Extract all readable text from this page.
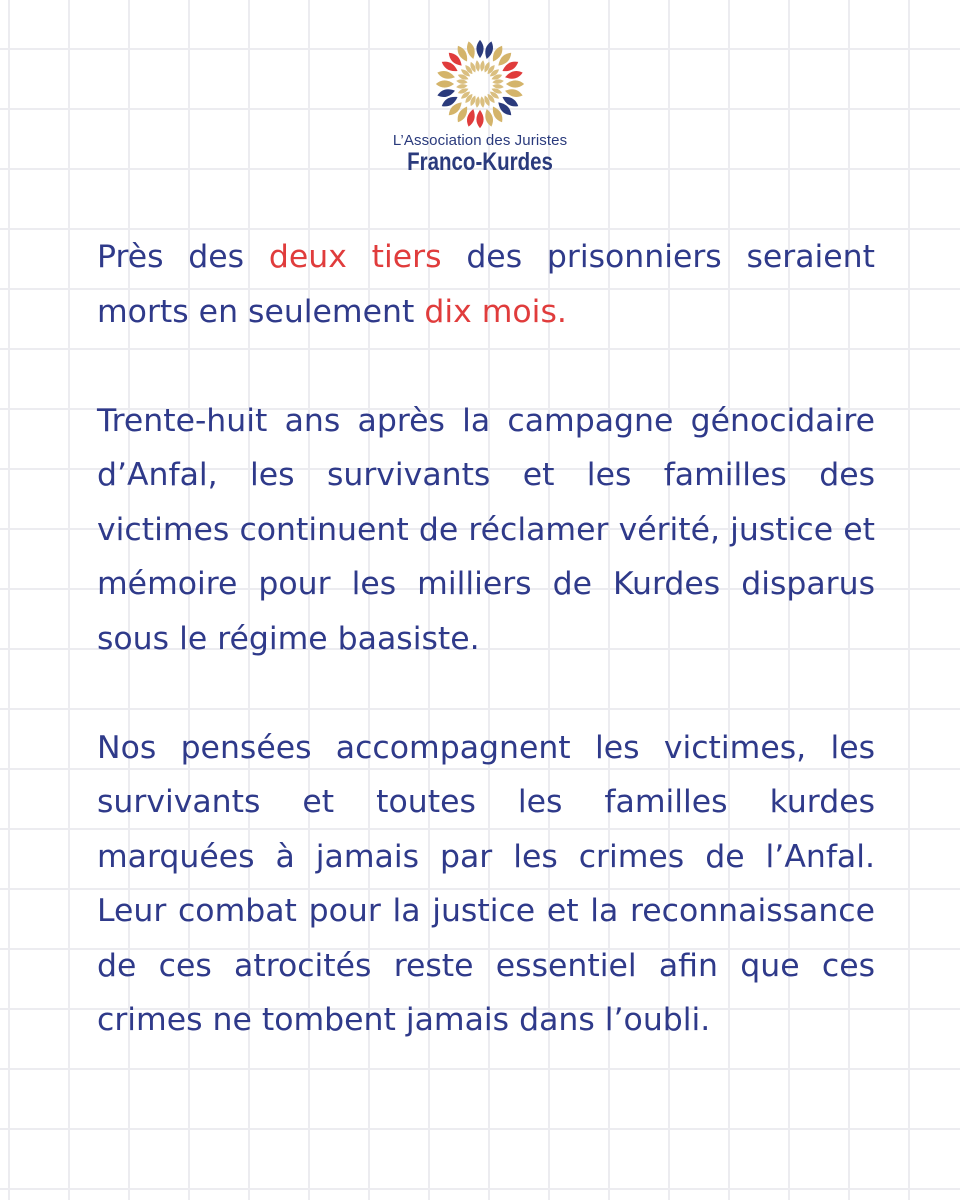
L’Association des Juristes
Franco-Kurdes

Près des deux tiers des prisonniers seraient morts en seulement dix mois.

Trente-huit ans après la campagne génocidaire d’Anfal, les survivants et les familles des victimes continuent de réclamer vérité, justice et mémoire pour les milliers de Kurdes disparus sous le régime baasiste.

Nos pensées accompagnent les victimes, les survivants et toutes les familles kurdes marquées à jamais par les crimes de l’Anfal. Leur combat pour la justice et la reconnaissance de ces atrocités reste essentiel afin que ces crimes ne tombent jamais dans l’oubli.
